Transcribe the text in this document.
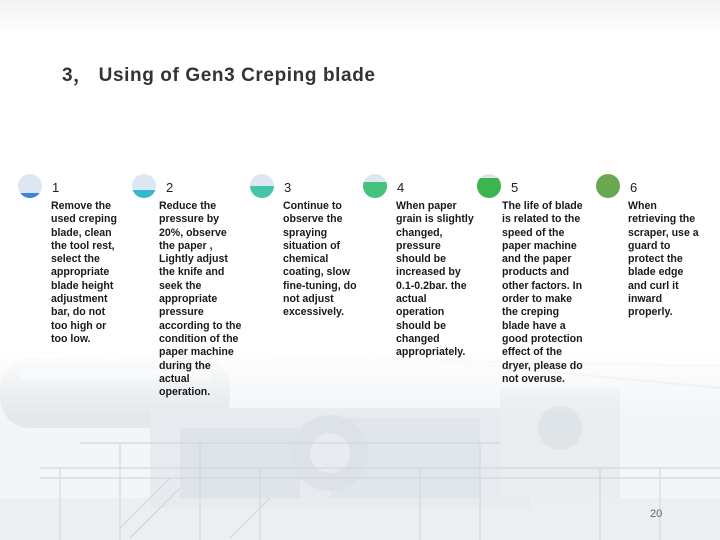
3， Using of Gen3 Creping blade
1
Remove the used creping blade, clean the tool rest, select the appropriate blade height adjustment bar, do not too high or too low.
2
Reduce the pressure by 20%, observe the paper , Lightly adjust the knife and seek the appropriate pressure according to the condition of the paper machine during the actual operation.
3
Continue to observe the spraying situation of chemical coating, slow fine-tuning, do not adjust excessively.
4
When paper grain is slightly changed, pressure should be increased by 0.1-0.2bar. the actual operation should be changed appropriately.
5
The life of blade is related to the speed of the paper machine and the paper products and other factors. In order to make the creping blade have a good protection effect of the dryer, please do not overuse.
6
When retrieving the scraper, use a guard to protect the blade edge and curl it inward properly.
20
